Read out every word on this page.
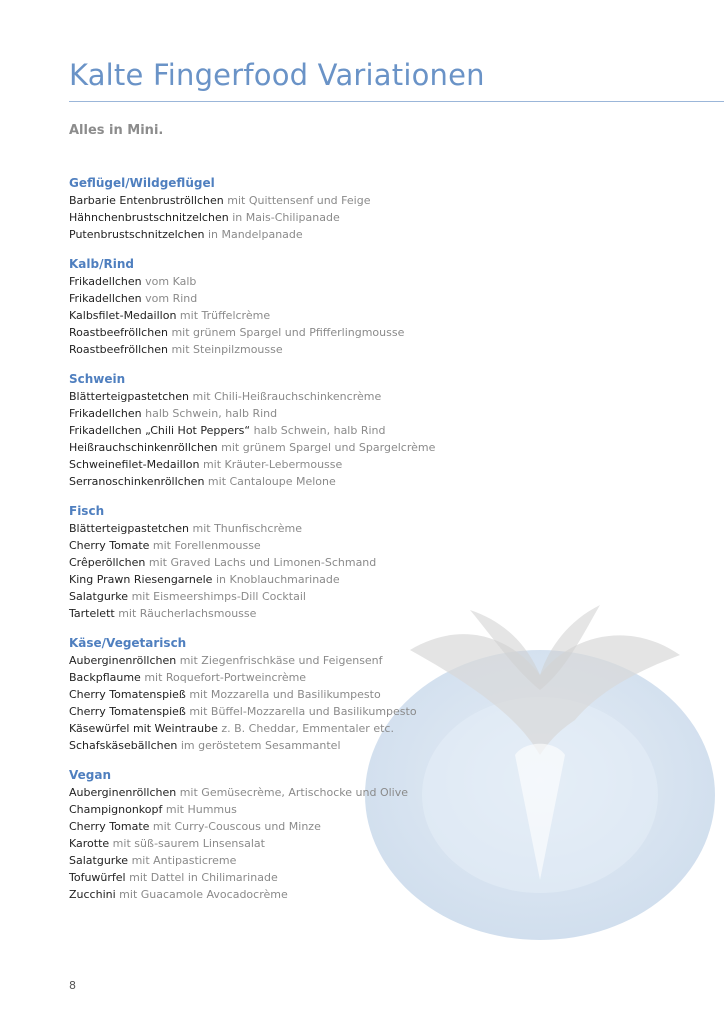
Kalte Fingerfood Variationen
Alles in Mini.
Geflügel/Wildgeflügel
Barbarie Entenbruströllchen mit Quittensenf und Feige
Hähnchenbrustschnitzelchen in Mais-Chilipanade
Putenbrustschnitzelchen in Mandelpanade
Kalb/Rind
Frikadellchen vom Kalb
Frikadellchen vom Rind
Kalbsfilet-Medaillon mit Trüffelcrème
Roastbeefröllchen mit grünem Spargel und Pfifferlingmousse
Roastbeefröllchen mit Steinpilzmousse
Schwein
Blätterteigpastetchen mit Chili-Heißrauchschinkencrème
Frikadellchen halb Schwein, halb Rind
Frikadellchen „Chili Hot Peppers“ halb Schwein, halb Rind
Heißrauchschinkenröllchen mit grünem Spargel und Spargelcrème
Schweinefilet-Medaillon mit Kräuter-Lebermousse
Serranoschinkenröllchen mit Cantaloupe Melone
Fisch
Blätterteigpastetchen mit Thunfischcrème
Cherry Tomate mit Forellenmousse
Crêperöllchen mit Graved Lachs und Limonen-Schmand
King Prawn Riesengarnele in Knoblauchmarinade
Salatgurke mit Eismeershimps-Dill Cocktail
Tartelett mit Räucherlachsmousse
Käse/Vegetarisch
Auberginenröllchen mit Ziegenfrischkäse und Feigensenf
Backpflaume mit Roquefort-Portweincrème
Cherry Tomatenspieß mit Mozzarella und Basilikumpesto
Cherry Tomatenspieß mit Büffel-Mozzarella und Basilikumpesto
Käsewürfel mit Weintraube z. B. Cheddar, Emmentaler etc.
Schafskäsebällchen im geröstetem Sesammantel
Vegan
Auberginenröllchen mit Gemüsecrème, Artischocke und Olive
Champignonkopf mit Hummus
Cherry Tomate mit Curry-Couscous und Minze
Karotte mit süß-saurem Linsensalat
Salatgurke mit Antipasticreme
Tofuwürfel mit Dattel in Chilimarinade
Zucchini mit Guacamole Avocadocrème
8
